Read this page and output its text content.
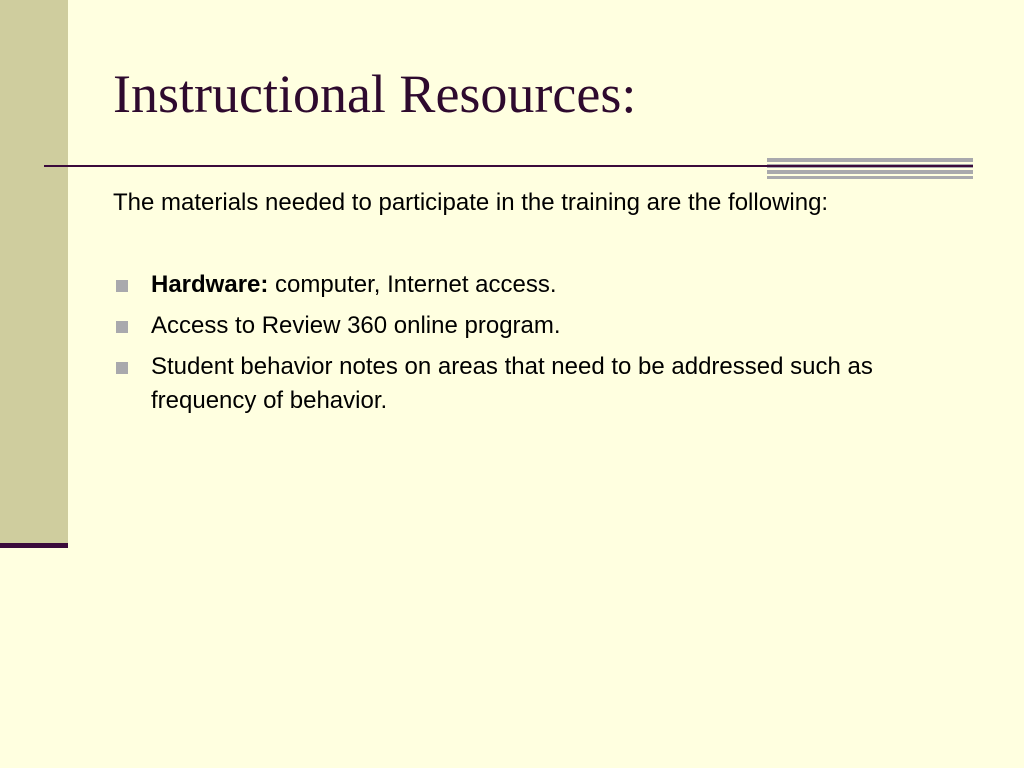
Instructional Resources:

The materials needed to participate in the training are the following:

Hardware: computer, Internet access.
Access to Review 360 online program.
Student behavior notes on areas that need to be addressed such as frequency of behavior.
